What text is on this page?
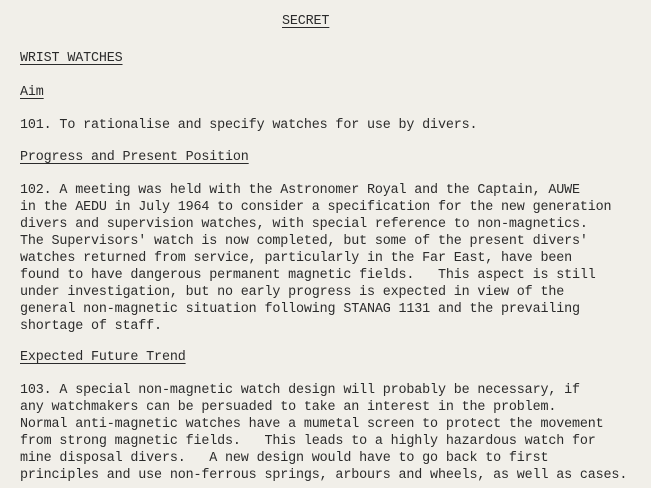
SECRET
WRIST WATCHES
Aim
101. To rationalise and specify watches for use by divers.
Progress and Present Position
102. A meeting was held with the Astronomer Royal and the Captain, AUWE
in the AEDU in July 1964 to consider a specification for the new generation
divers and supervision watches, with special reference to non-magnetics.
The Supervisors' watch is now completed, but some of the present divers'
watches returned from service, particularly in the Far East, have been
found to have dangerous permanent magnetic fields.   This aspect is still
under investigation, but no early progress is expected in view of the
general non-magnetic situation following STANAG 1131 and the prevailing
shortage of staff.
Expected Future Trend
103. A special non-magnetic watch design will probably be necessary, if
any watchmakers can be persuaded to take an interest in the problem.
Normal anti-magnetic watches have a mumetal screen to protect the movement
from strong magnetic fields.   This leads to a highly hazardous watch for
mine disposal divers.   A new design would have to go back to first
principles and use non-ferrous springs, arbours and wheels, as well as cases.
